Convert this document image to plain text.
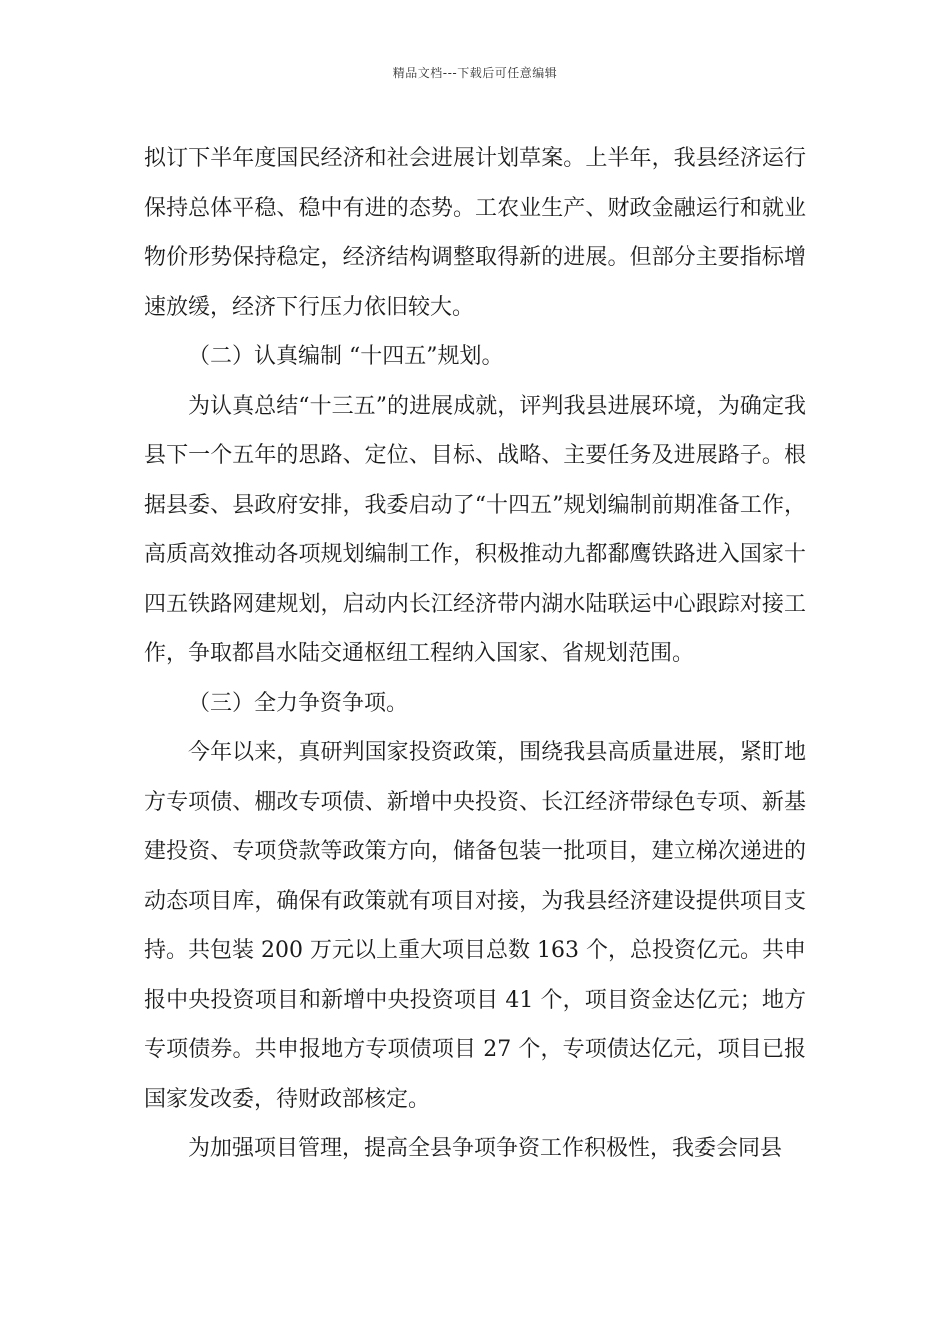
精品文档---下载后可任意编辑

拟订下半年度国民经济和社会进展计划草案。上半年，我县经济运行保持总体平稳、稳中有进的态势。工农业生产、财政金融运行和就业物价形势保持稳定，经济结构调整取得新的进展。但部分主要指标增速放缓，经济下行压力依旧较大。

（二）认真编制 “十四五”规划。

为认真总结“十三五”的进展成就，评判我县进展环境，为确定我县下一个五年的思路、定位、目标、战略、主要任务及进展路子。根据县委、县政府安排，我委启动了“十四五”规划编制前期准备工作，高质高效推动各项规划编制工作，积极推动九都鄱鹰铁路进入国家十四五铁路网建规划，启动内长江经济带内湖水陆联运中心跟踪对接工作，争取都昌水陆交通枢纽工程纳入国家、省规划范围。

（三）全力争资争项。

今年以来，真研判国家投资政策，围绕我县高质量进展，紧盯地方专项债、棚改专项债、新增中央投资、长江经济带绿色专项、新基建投资、专项贷款等政策方向，储备包装一批项目，建立梯次递进的动态项目库，确保有政策就有项目对接，为我县经济建设提供项目支持。共包装 200 万元以上重大项目总数 163 个，总投资亿元。共申报中央投资项目和新增中央投资项目 41 个，项目资金达亿元；地方专项债券。共申报地方专项债项目 27 个，专项债达亿元，项目已报国家发改委，待财政部核定。

为加强项目管理，提高全县争项争资工作积极性，我委会同县
